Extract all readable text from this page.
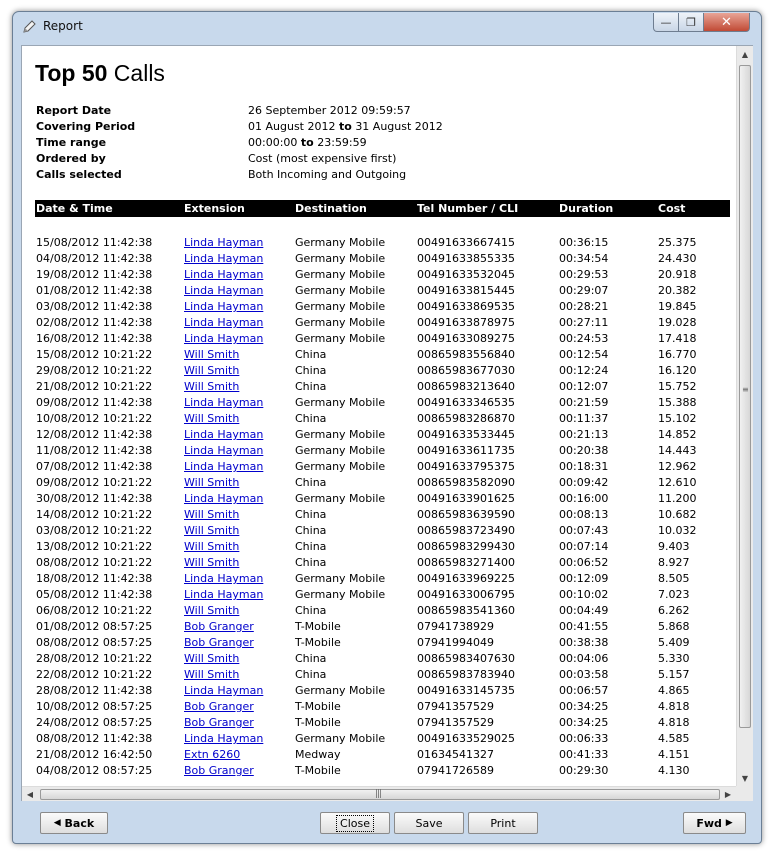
Report	— ❐ ✕
Top 50 Calls
Report Date	26 September 2012 09:59:57
Covering Period	01 August 2012 to 31 August 2012
Time range	00:00:00 to 23:59:59
Ordered by	Cost (most expensive first)
Calls selected	Both Incoming and Outgoing
Date & Time	Extension	Destination	Tel Number / CLI	Duration	Cost
15/08/2012 11:42:38	Linda Hayman	Germany Mobile	00491633667415	00:36:15	25.375
04/08/2012 11:42:38	Linda Hayman	Germany Mobile	00491633855335	00:34:54	24.430
19/08/2012 11:42:38	Linda Hayman	Germany Mobile	00491633532045	00:29:53	20.918
01/08/2012 11:42:38	Linda Hayman	Germany Mobile	00491633815445	00:29:07	20.382
03/08/2012 11:42:38	Linda Hayman	Germany Mobile	00491633869535	00:28:21	19.845
02/08/2012 11:42:38	Linda Hayman	Germany Mobile	00491633878975	00:27:11	19.028
16/08/2012 11:42:38	Linda Hayman	Germany Mobile	00491633089275	00:24:53	17.418
15/08/2012 10:21:22	Will Smith	China	00865983556840	00:12:54	16.770
29/08/2012 10:21:22	Will Smith	China	00865983677030	00:12:24	16.120
21/08/2012 10:21:22	Will Smith	China	00865983213640	00:12:07	15.752
09/08/2012 11:42:38	Linda Hayman	Germany Mobile	00491633346535	00:21:59	15.388
10/08/2012 10:21:22	Will Smith	China	00865983286870	00:11:37	15.102
12/08/2012 11:42:38	Linda Hayman	Germany Mobile	00491633533445	00:21:13	14.852
11/08/2012 11:42:38	Linda Hayman	Germany Mobile	00491633611735	00:20:38	14.443
07/08/2012 11:42:38	Linda Hayman	Germany Mobile	00491633795375	00:18:31	12.962
09/08/2012 10:21:22	Will Smith	China	00865983582090	00:09:42	12.610
30/08/2012 11:42:38	Linda Hayman	Germany Mobile	00491633901625	00:16:00	11.200
14/08/2012 10:21:22	Will Smith	China	00865983639590	00:08:13	10.682
03/08/2012 10:21:22	Will Smith	China	00865983723490	00:07:43	10.032
13/08/2012 10:21:22	Will Smith	China	00865983299430	00:07:14	9.403
08/08/2012 10:21:22	Will Smith	China	00865983271400	00:06:52	8.927
18/08/2012 11:42:38	Linda Hayman	Germany Mobile	00491633969225	00:12:09	8.505
05/08/2012 11:42:38	Linda Hayman	Germany Mobile	00491633006795	00:10:02	7.023
06/08/2012 10:21:22	Will Smith	China	00865983541360	00:04:49	6.262
01/08/2012 08:57:25	Bob Granger	T-Mobile	07941738929	00:41:55	5.868
08/08/2012 08:57:25	Bob Granger	T-Mobile	07941994049	00:38:38	5.409
28/08/2012 10:21:22	Will Smith	China	00865983407630	00:04:06	5.330
22/08/2012 10:21:22	Will Smith	China	00865983783940	00:03:58	5.157
28/08/2012 11:42:38	Linda Hayman	Germany Mobile	00491633145735	00:06:57	4.865
10/08/2012 08:57:25	Bob Granger	T-Mobile	07941357529	00:34:25	4.818
24/08/2012 08:57:25	Bob Granger	T-Mobile	07941357529	00:34:25	4.818
08/08/2012 11:42:38	Linda Hayman	Germany Mobile	00491633529025	00:06:33	4.585
21/08/2012 16:42:50	Extn 6260	Medway	01634541327	00:41:33	4.151
04/08/2012 08:57:25	Bob Granger	T-Mobile	07941726589	00:29:30	4.130
▲
≡
▼
◀	|||	▶
◀
Back	Close	Save	Print	Fwd
▶
